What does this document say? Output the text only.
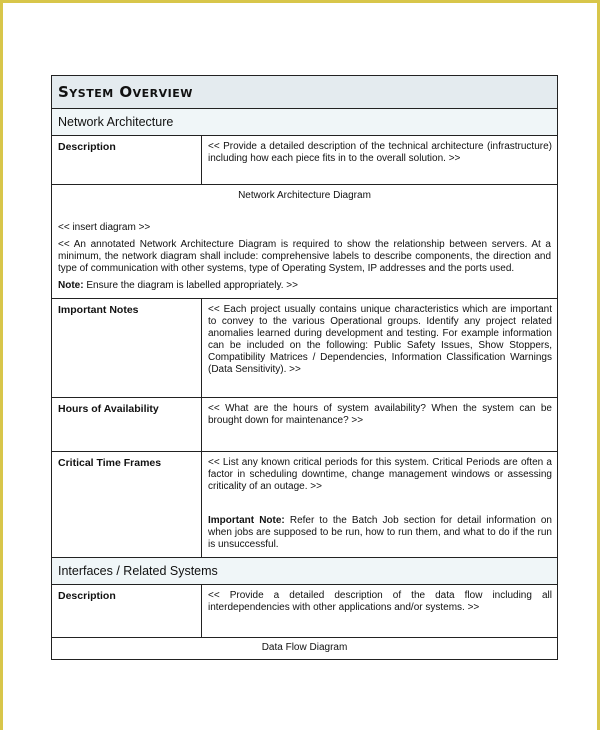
System Overview
Network Architecture
Description	<< Provide a detailed description of the technical architecture (infrastructure) including how each piece fits in to the overall solution. >>
Network Architecture Diagram

<< insert diagram >>

<< An annotated Network Architecture Diagram is required to show the relationship between servers. At a minimum, the network diagram shall include: comprehensive labels to describe components, the direction and type of communication with other systems, type of Operating System, IP addresses and the ports used.

Note: Ensure the diagram is labelled appropriately. >>

Important Notes	<< Each project usually contains unique characteristics which are important to convey to the various Operational groups. Identify any project related anomalies learned during development and testing. For example information can be included on the following: Public Safety Issues, Show Stoppers, Compatibility Matrices / Dependencies, Information Classification Warnings (Data Sensitivity). >>
Hours of Availability	<< What are the hours of system availability? When the system can be brought down for maintenance? >>
Critical Time Frames	<< List any known critical periods for this system. Critical Periods are often a factor in scheduling downtime, change management windows or assessing criticality of an outage. >>
Important Note: Refer to the Batch Job section for detail information on when jobs are supposed to be run, how to run them, and what to do if the run is unsuccessful.
Interfaces / Related Systems
Description	<< Provide a detailed description of the data flow including all interdependencies with other applications and/or systems. >>
Data Flow Diagram
